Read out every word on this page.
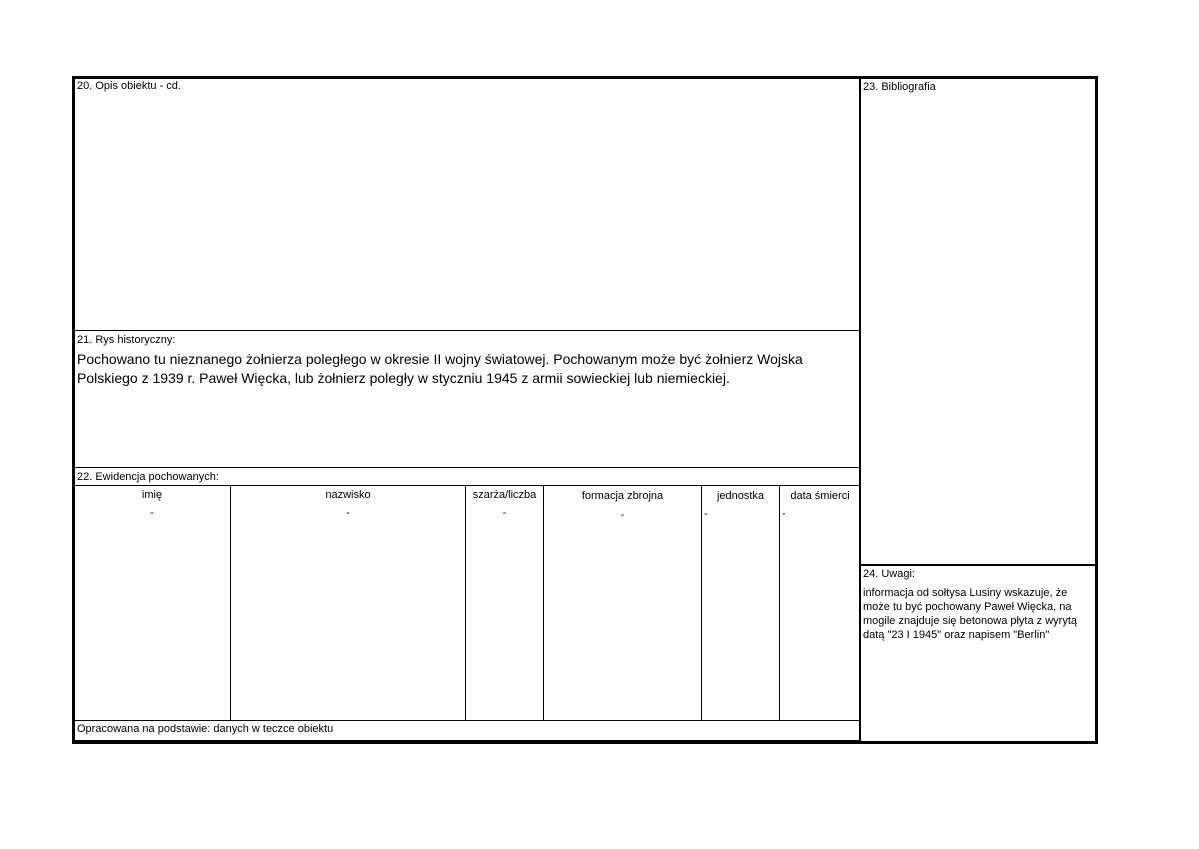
20. Opis obiektu - cd.	23. Bibliografia
21. Rys historyczny:
Pochowano tu nieznanego żołnierza poległego w okresie II wojny światowej. Pochowanym może być żołnierz Wojska Polskiego z 1939 r. Paweł Więcka, lub żołnierz poległy w styczniu 1945 z armii sowieckiej lub niemieckiej.
22. Ewidencja pochowanych:
imię	nazwisko	szarża/liczba	formacja zbrojna	jednostka	data śmierci
-	-	-	-	-	-
Opracowana na podstawie: danych w teczce obiektu
24. Uwagi:
informacja od sołtysa Lusiny wskazuje, że może tu być pochowany Paweł Więcka, na mogile znajduje się betonowa płyta z wyrytą datą "23 I 1945" oraz napisem "Berlin"
